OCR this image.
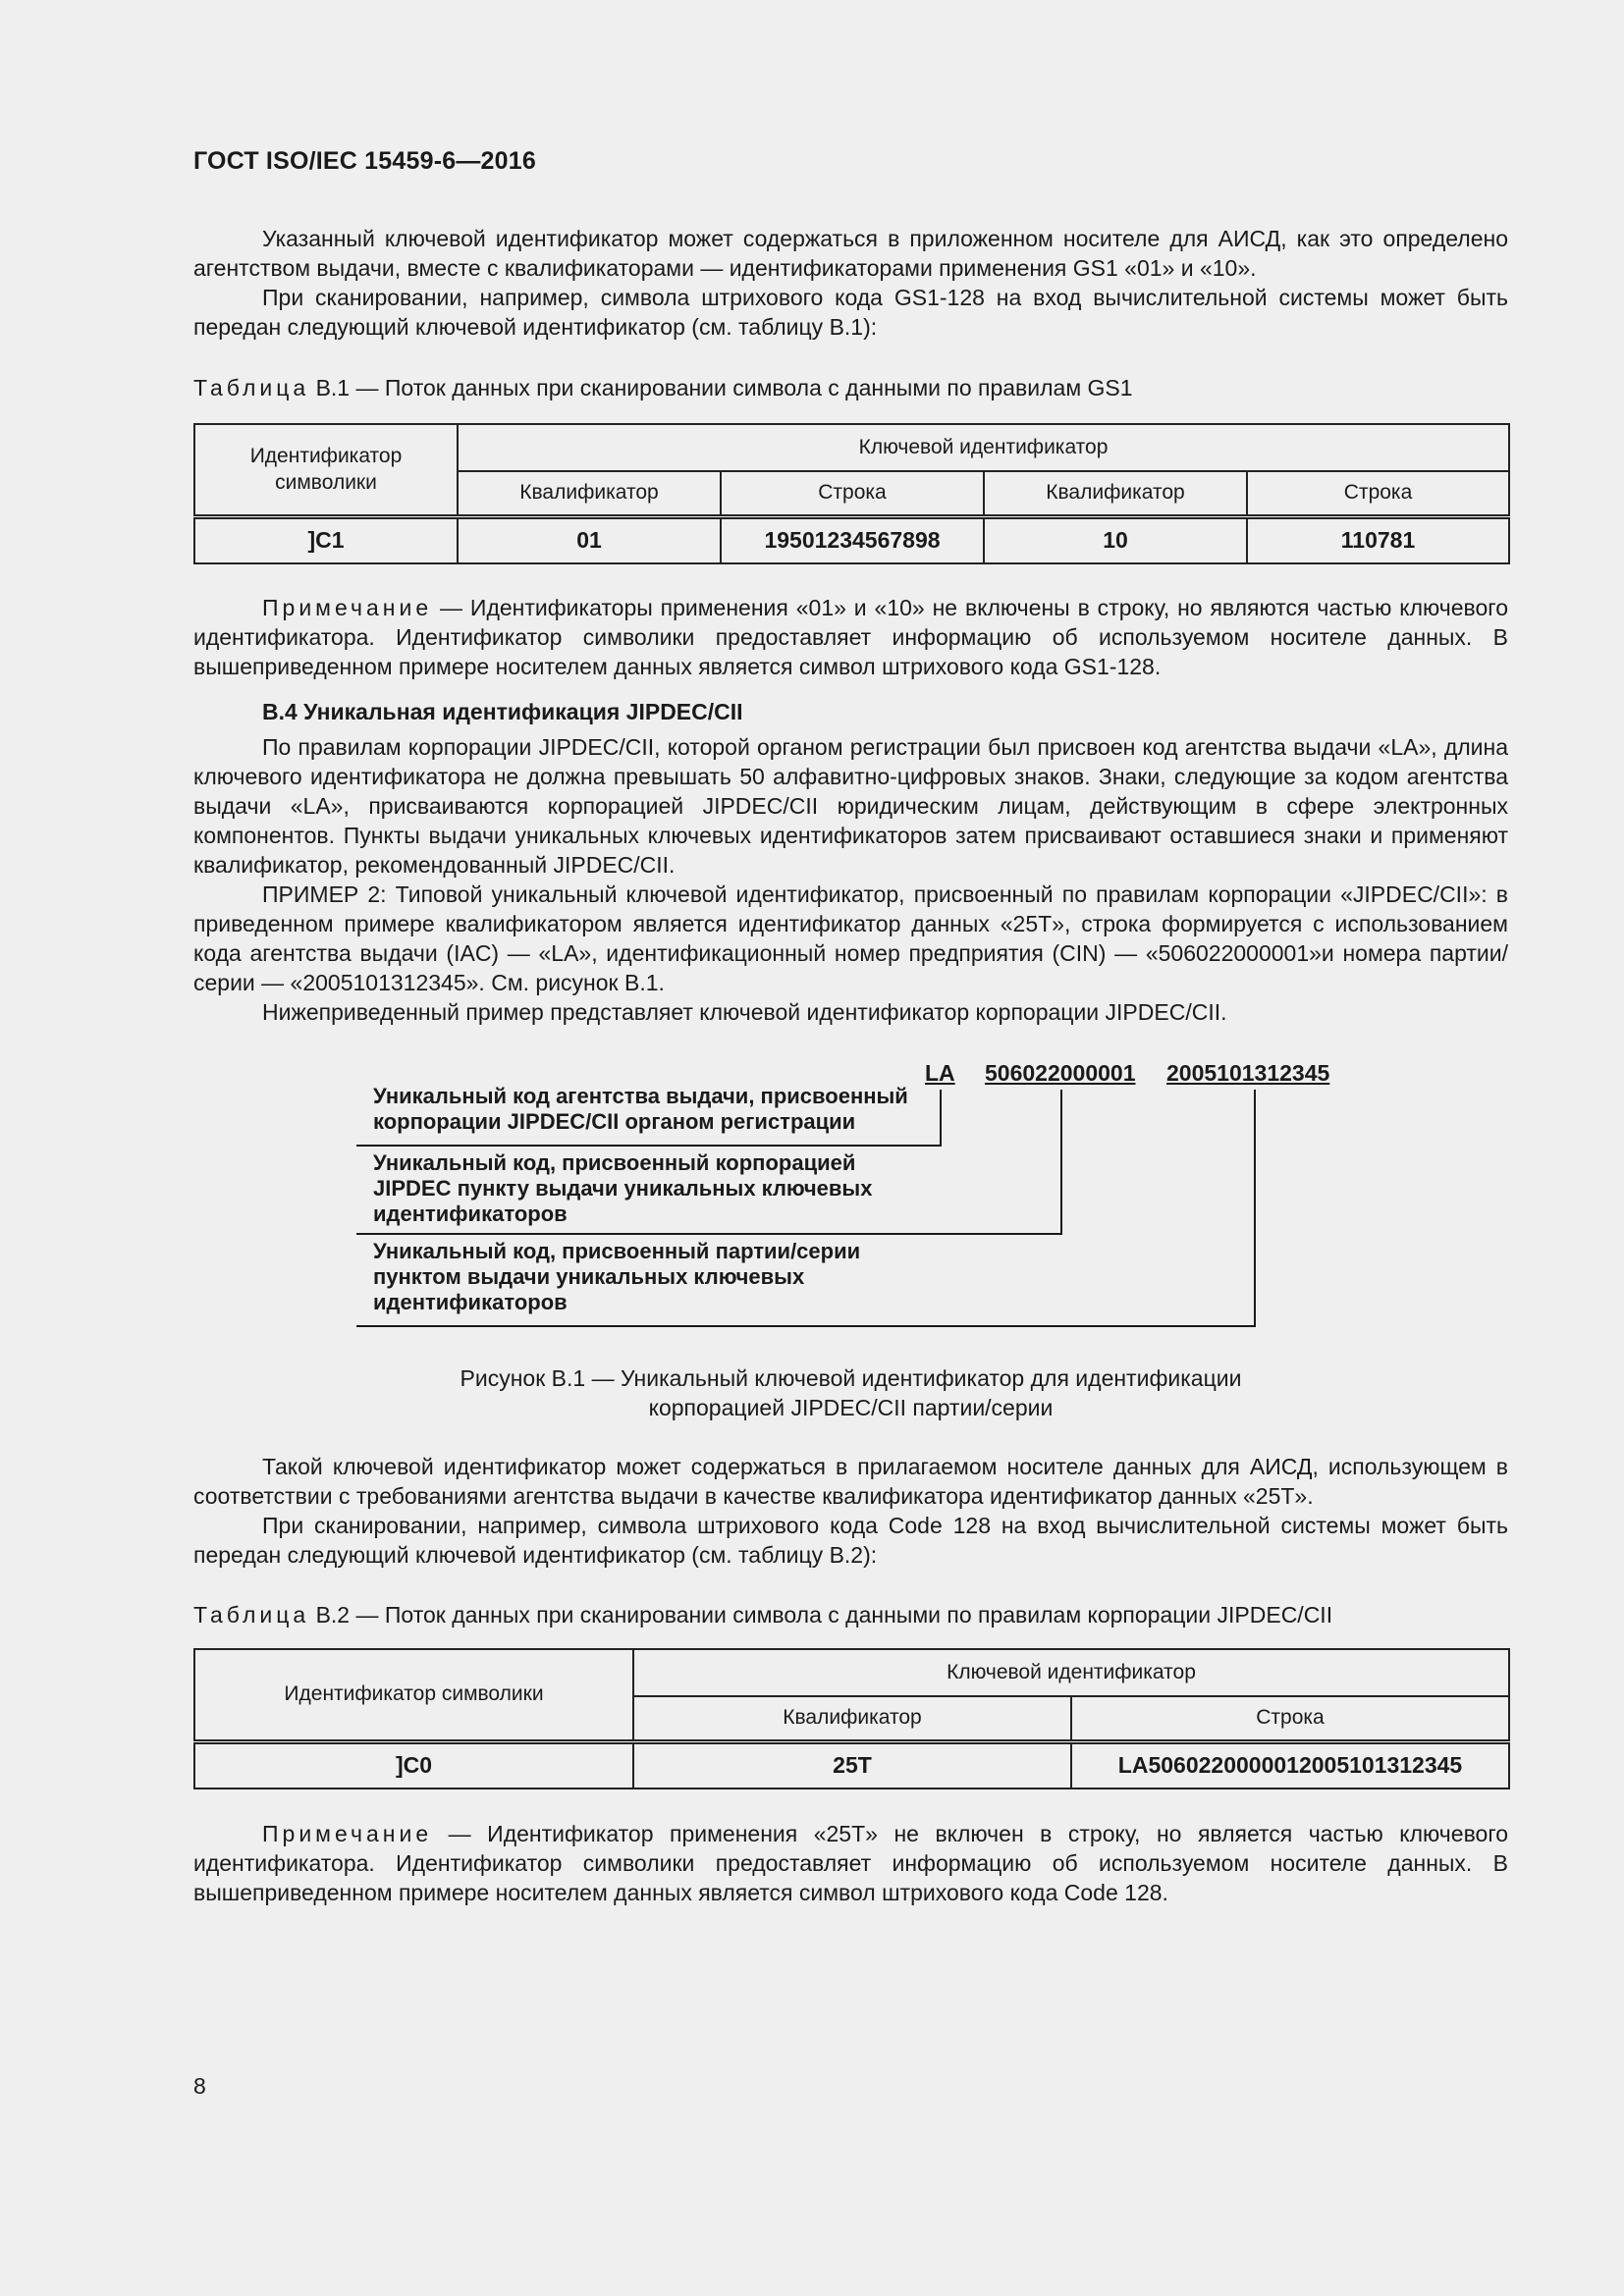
ГОСТ ISO/IEC 15459-6—2016

Указанный ключевой идентификатор может содержаться в приложенном носителе для АИСД, как это определено агентством выдачи, вместе с квалификаторами — идентификаторами применения GS1 «01» и «10».

При сканировании, например, символа штрихового кода GS1-128 на вход вычислительной системы может быть передан следующий ключевой идентификатор (см. таблицу В.1):

Таблица В.1 — Поток данных при сканировании символа с данными по правилам GS1
Идентификатор символики	Ключевой идентификатор			
	Квалификатор	Строка	Квалификатор	Строка
]C1	01	19501234567898	10	110781

Примечание — Идентификаторы применения «01» и «10» не включены в строку, но являются частью ключевого идентификатора. Идентификатор символики предоставляет информацию об используемом носителе данных. В вышеприведенном примере носителем данных является символ штрихового кода GS1-128.

В.4 Уникальная идентификация JIPDEC/CII

По правилам корпорации JIPDEC/CII, которой органом регистрации был присвоен код агентства выдачи «LA», длина ключевого идентификатора не должна превышать 50 алфавитно-цифровых знаков. Знаки, следующие за кодом агентства выдачи «LA», присваиваются корпорацией JIPDEC/CII юридическим лицам, действующим в сфере электронных компонентов. Пункты выдачи уникальных ключевых идентификаторов затем присваивают оставшиеся знаки и применяют квалификатор, рекомендованный JIPDEC/CII.

ПРИМЕР 2: Типовой уникальный ключевой идентификатор, присвоенный по правилам корпорации «JIPDEC/CII»: в приведенном примере квалификатором является идентификатор данных «25T», строка формируется с использованием кода агентства выдачи (IAC) — «LA», идентификационный номер предприятия (CIN) — «506022000001»и номера партии/серии — «2005101312345». См. рисунок В.1.

Нижеприведенный пример представляет ключевой идентификатор корпорации JIPDEC/CII.

LA 506022000001 2005101312345
Уникальный код агентства выдачи, присвоенный
корпорации JIPDEC/CII органом регистрации
Уникальный код, присвоенный корпорацией
JIPDEC пункту выдачи уникальных ключевых
идентификаторов
Уникальный код, присвоенный партии/серии
пунктом выдачи уникальных ключевых
идентификаторов
Рисунок В.1 — Уникальный ключевой идентификатор для идентификации
корпорацией JIPDEC/CII партии/серии

Такой ключевой идентификатор может содержаться в прилагаемом носителе данных для АИСД, использующем в соответствии с требованиями агентства выдачи в качестве квалификатора идентификатор данных «25T».

При сканировании, например, символа штрихового кода Code 128 на вход вычислительной системы может быть передан следующий ключевой идентификатор (см. таблицу В.2):

Таблица В.2 — Поток данных при сканировании символа с данными по правилам корпорации JIPDEC/CII
Идентификатор символики	Ключевой идентификатор	
	Квалификатор	Строка
]C0	25T	LA5060220000012005101312345

Примечание — Идентификатор применения «25T» не включен в строку, но является частью ключевого идентификатора. Идентификатор символики предоставляет информацию об используемом носителе данных. В вышеприведенном примере носителем данных является символ штрихового кода Code 128.

8
